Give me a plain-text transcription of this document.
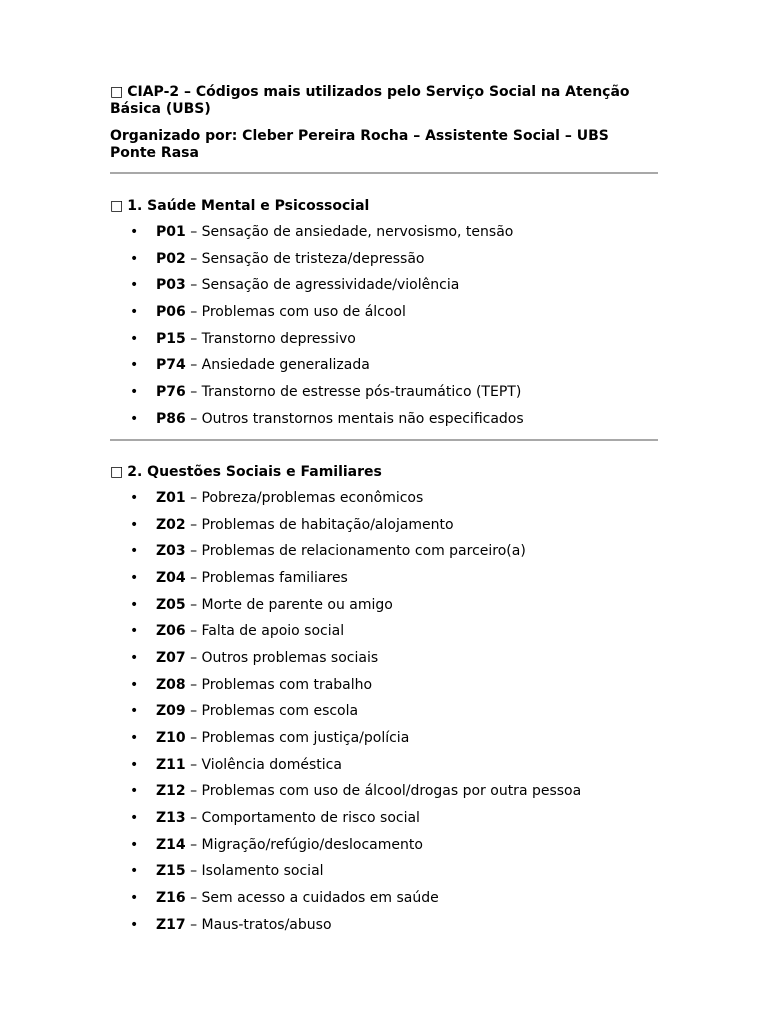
□ CIAP-2 – Códigos mais utilizados pelo Serviço Social na Atenção Básica (UBS)

Organizado por: Cleber Pereira Rocha – Assistente Social – UBS Ponte Rasa

□ 1. Saúde Mental e Psicossocial

• P01 – Sensação de ansiedade, nervosismo, tensão
• P02 – Sensação de tristeza/depressão
• P03 – Sensação de agressividade/violência
• P06 – Problemas com uso de álcool
• P15 – Transtorno depressivo
• P74 – Ansiedade generalizada
• P76 – Transtorno de estresse pós-traumático (TEPT)
• P86 – Outros transtornos mentais não especificados

□ 2. Questões Sociais e Familiares

• Z01 – Pobreza/problemas econômicos
• Z02 – Problemas de habitação/alojamento
• Z03 – Problemas de relacionamento com parceiro(a)
• Z04 – Problemas familiares
• Z05 – Morte de parente ou amigo
• Z06 – Falta de apoio social
• Z07 – Outros problemas sociais
• Z08 – Problemas com trabalho
• Z09 – Problemas com escola
• Z10 – Problemas com justiça/polícia
• Z11 – Violência doméstica
• Z12 – Problemas com uso de álcool/drogas por outra pessoa
• Z13 – Comportamento de risco social
• Z14 – Migração/refúgio/deslocamento
• Z15 – Isolamento social
• Z16 – Sem acesso a cuidados em saúde
• Z17 – Maus-tratos/abuso
